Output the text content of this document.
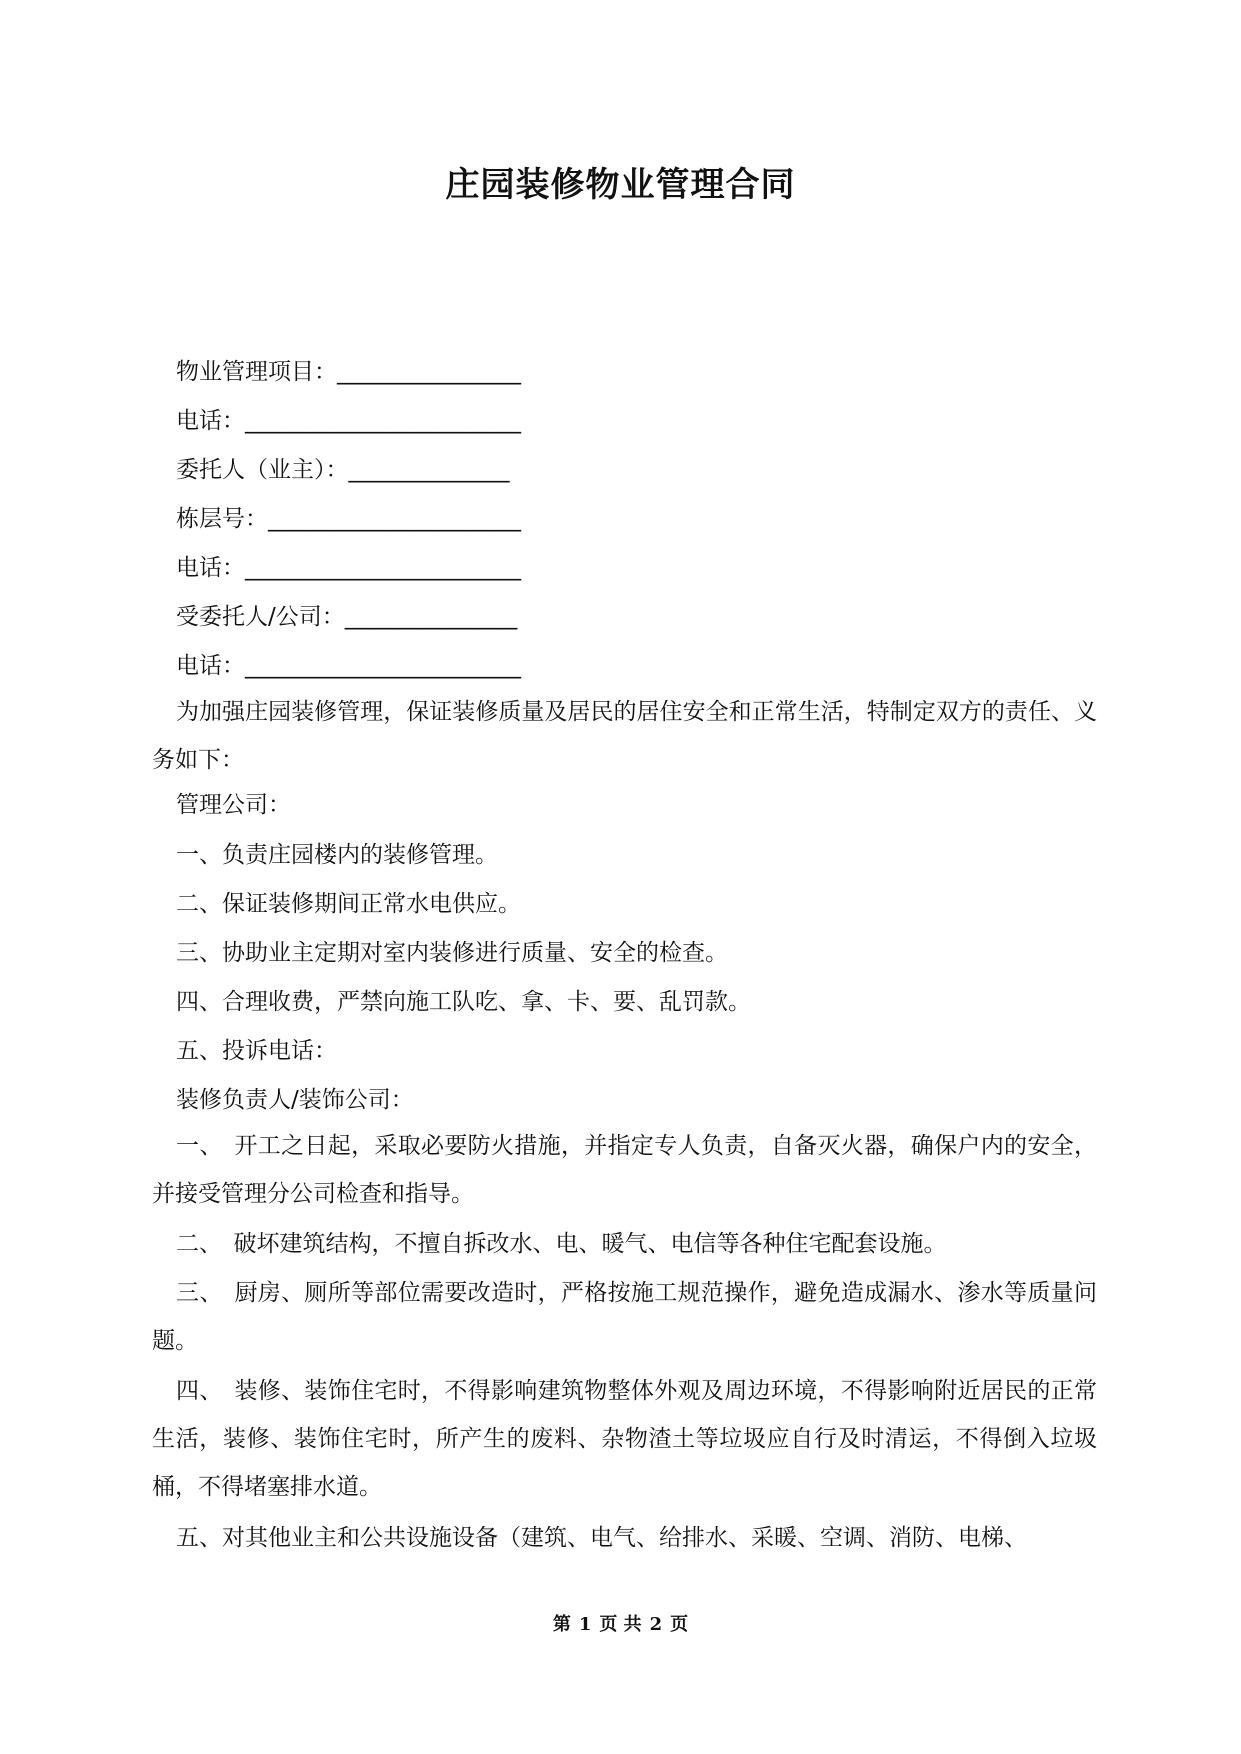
庄园装修物业管理合同
物业管理项目：________________
电话：________________________
委托人（业主）：______________
栋层号：______________________
电话：________________________
受委托人/公司：_______________
电话：________________________
为加强庄园装修管理，保证装修质量及居民的居住安全和正常生活，特制定双方的责任、义务如下：
管理公司：
一、负责庄园楼内的装修管理。
二、保证装修期间正常水电供应。
三、协助业主定期对室内装修进行质量、安全的检查。
四、合理收费，严禁向施工队吃、拿、卡、要、乱罚款。
五、投诉电话：
装修负责人/装饰公司：
一、　开工之日起，采取必要防火措施，并指定专人负责，自备灭火器，确保户内的安全，并接受管理分公司检查和指导。
二、　破坏建筑结构，不擅自拆改水、电、暖气、电信等各种住宅配套设施。
三、　厨房、厕所等部位需要改造时，严格按施工规范操作，避免造成漏水、渗水等质量问题。
四、　装修、装饰住宅时，不得影响建筑物整体外观及周边环境，不得影响附近居民的正常生活，装修、装饰住宅时，所产生的废料、杂物渣土等垃圾应自行及时清运，不得倒入垃圾桶，不得堵塞排水道。
五、对其他业主和公共设施设备（建筑、电气、给排水、采暖、空调、消防、电梯、
第 1 页 共 2 页
